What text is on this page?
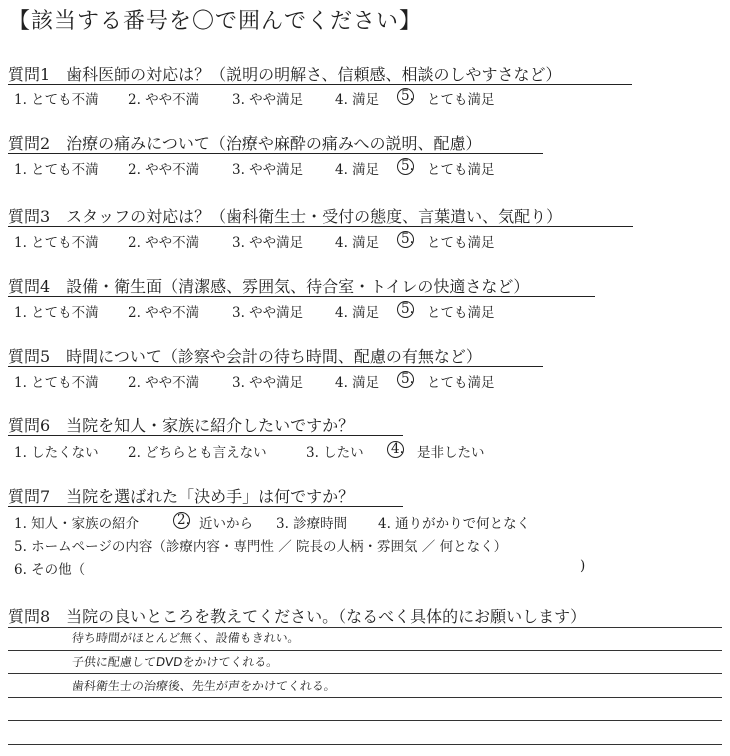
【該当する番号を〇で囲んでください】
質問1　歯科医師の対応は？（説明の明解さ、信頼感、相談のしやすさなど）
1. とても不満 2. やや不満 3. やや満足 4. 満足 5. とても満足
質問2　治療の痛みについて（治療や麻酔の痛みへの説明、配慮）
1. とても不満 2. やや不満 3. やや満足 4. 満足 5. とても満足
質問3　スタッフの対応は？（歯科衛生士・受付の態度、言葉遣い、気配り）
1. とても不満 2. やや不満 3. やや満足 4. 満足 5. とても満足
質問4　設備・衛生面（清潔感、雰囲気、待合室・トイレの快適さなど）
1. とても不満 2. やや不満 3. やや満足 4. 満足 5. とても満足
質問5　時間について（診察や会計の待ち時間、配慮の有無など）
1. とても不満 2. やや不満 3. やや満足 4. 満足 5. とても満足
質問6　当院を知人・家族に紹介したいですか？
1. したくない 2. どちらとも言えない	3. したい 4. 是非したい
質問7　当院を選ばれた「決め手」は何ですか？
1. 知人・家族の紹介	2. 近いから 3. 診療時間 4. 通りがかりで何となく
5. ホームページの内容（診療内容・専門性 ／ 院長の人柄・雰囲気 ／ 何となく）
6. その他（	)
質問8　当院の良いところを教えてください。（なるべく具体的にお願いします）
待ち時間がほとんど無く、設備もきれい。
子供に配慮してDVDをかけてくれる。
歯科衛生士の治療後、先生が声をかけてくれる。
